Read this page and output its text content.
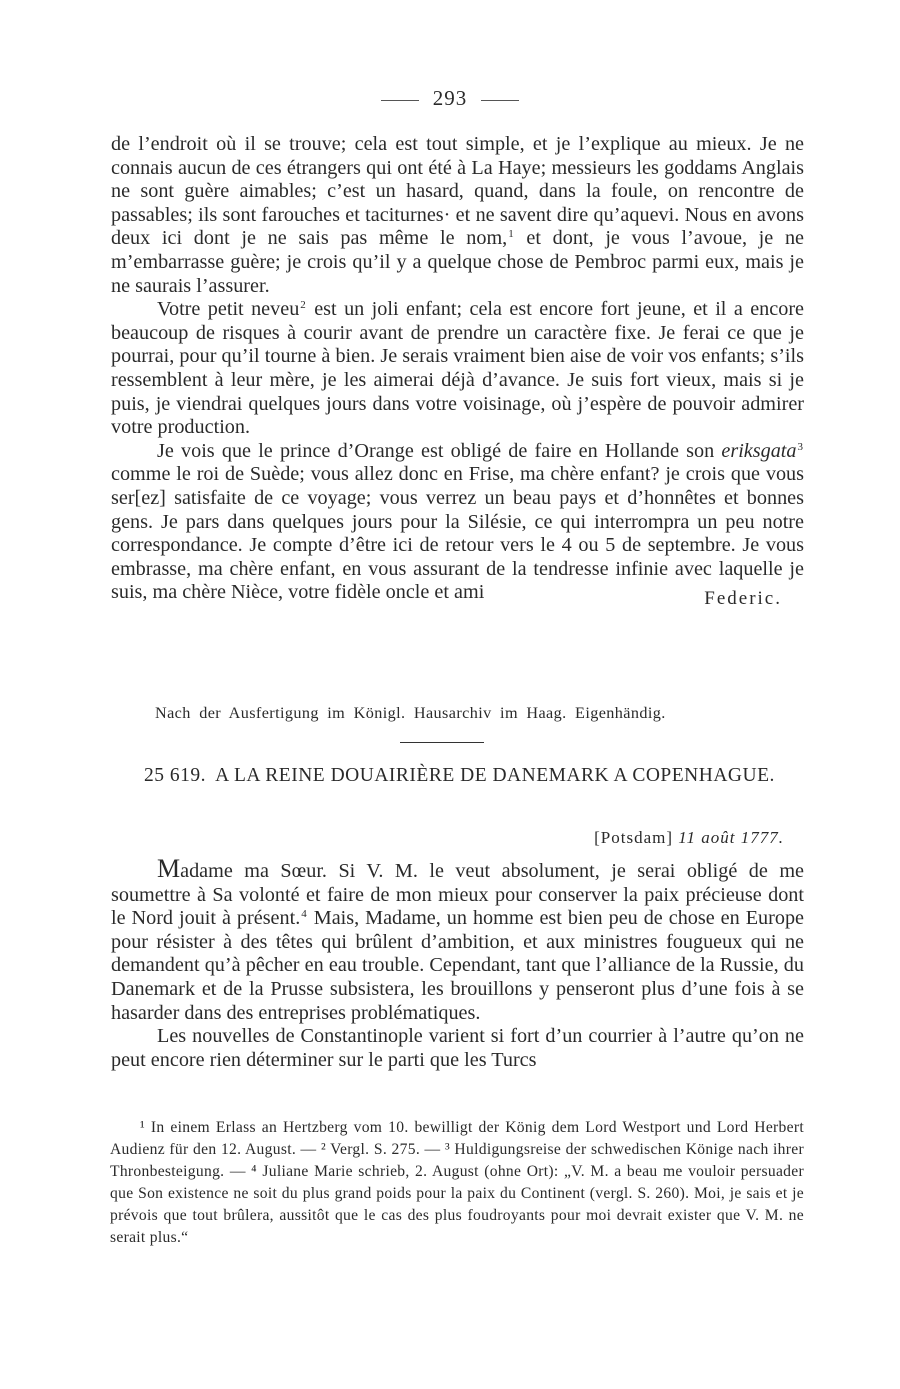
293

de l’endroit où il se trouve; cela est tout simple, et je l’explique au mieux. Je ne connais aucun de ces étrangers qui ont été à La Haye; messieurs les goddams Anglais ne sont guère aimables; c’est un hasard, quand, dans la foule, on rencontre de passables; ils sont farouches et taciturnes· et ne savent dire qu’aquevi. Nous en avons deux ici dont je ne sais pas même le nom,$^1$ et dont, je vous l’avoue, je ne m’embarrasse guère; je crois qu’il y a quelque chose de Pembroc parmi eux, mais je ne saurais l’assurer.

Votre petit neveu$^2$ est un joli enfant; cela est encore fort jeune, et il a encore beaucoup de risques à courir avant de prendre un caractère fixe. Je ferai ce que je pourrai, pour qu’il tourne à bien. Je serais vraiment bien aise de voir vos enfants; s’ils ressemblent à leur mère, je les aimerai déjà d’avance. Je suis fort vieux, mais si je puis, je viendrai quelques jours dans votre voisinage, où j’espère de pouvoir admirer votre production.

Je vois que le prince d’Orange est obligé de faire en Hollande son eriksgata$^3$ comme le roi de Suède; vous allez donc en Frise, ma chère enfant? je crois que vous ser[ez] satisfaite de ce voyage; vous verrez un beau pays et d’honnêtes et bonnes gens. Je pars dans quelques jours pour la Silésie, ce qui interrompra un peu notre correspondance. Je compte d’être ici de retour vers le 4 ou 5 de septembre. Je vous embrasse, ma chère enfant, en vous assurant de la tendresse infinie avec laquelle je suis, ma chère Nièce, votre fidèle oncle et ami	Federic.

Nach der Ausfertigung im Königl. Hausarchiv im Haag. Eigenhändig.
25 619. A LA REINE DOUAIRIÈRE DE DANEMARK A COPENHAGUE.
[Potsdam] 11 août 1777.

Madame ma Sœur. Si V. M. le veut absolument, je serai obligé de me soumettre à Sa volonté et faire de mon mieux pour conserver la paix précieuse dont le Nord jouit à présent.$^4$ Mais, Madame, un homme est bien peu de chose en Europe pour résister à des têtes qui brûlent d’ambition, et aux ministres fougueux qui ne demandent qu’à pêcher en eau trouble. Cependant, tant que l’alliance de la Russie, du Danemark et de la Prusse subsistera, les brouillons y penseront plus d’une fois à se hasarder dans des entreprises problématiques.

Les nouvelles de Constantinople varient si fort d’un courrier à l’autre qu’on ne peut encore rien déterminer sur le parti que les Turcs

¹ In einem Erlass an Hertzberg vom 10. bewilligt der König dem Lord Westport und Lord Herbert Audienz für den 12. August. — ² Vergl. S. 275. — ³ Huldigungsreise der schwedischen Könige nach ihrer Thronbesteigung. — ⁴ Juliane Marie schrieb, 2. August (ohne Ort): „V. M. a beau me vouloir persuader que Son existence ne soit du plus grand poids pour la paix du Continent (vergl. S. 260). Moi, je sais et je prévois que tout brûlera, aussitôt que le cas des plus foudroyants pour moi devrait exister que V. M. ne serait plus.“
